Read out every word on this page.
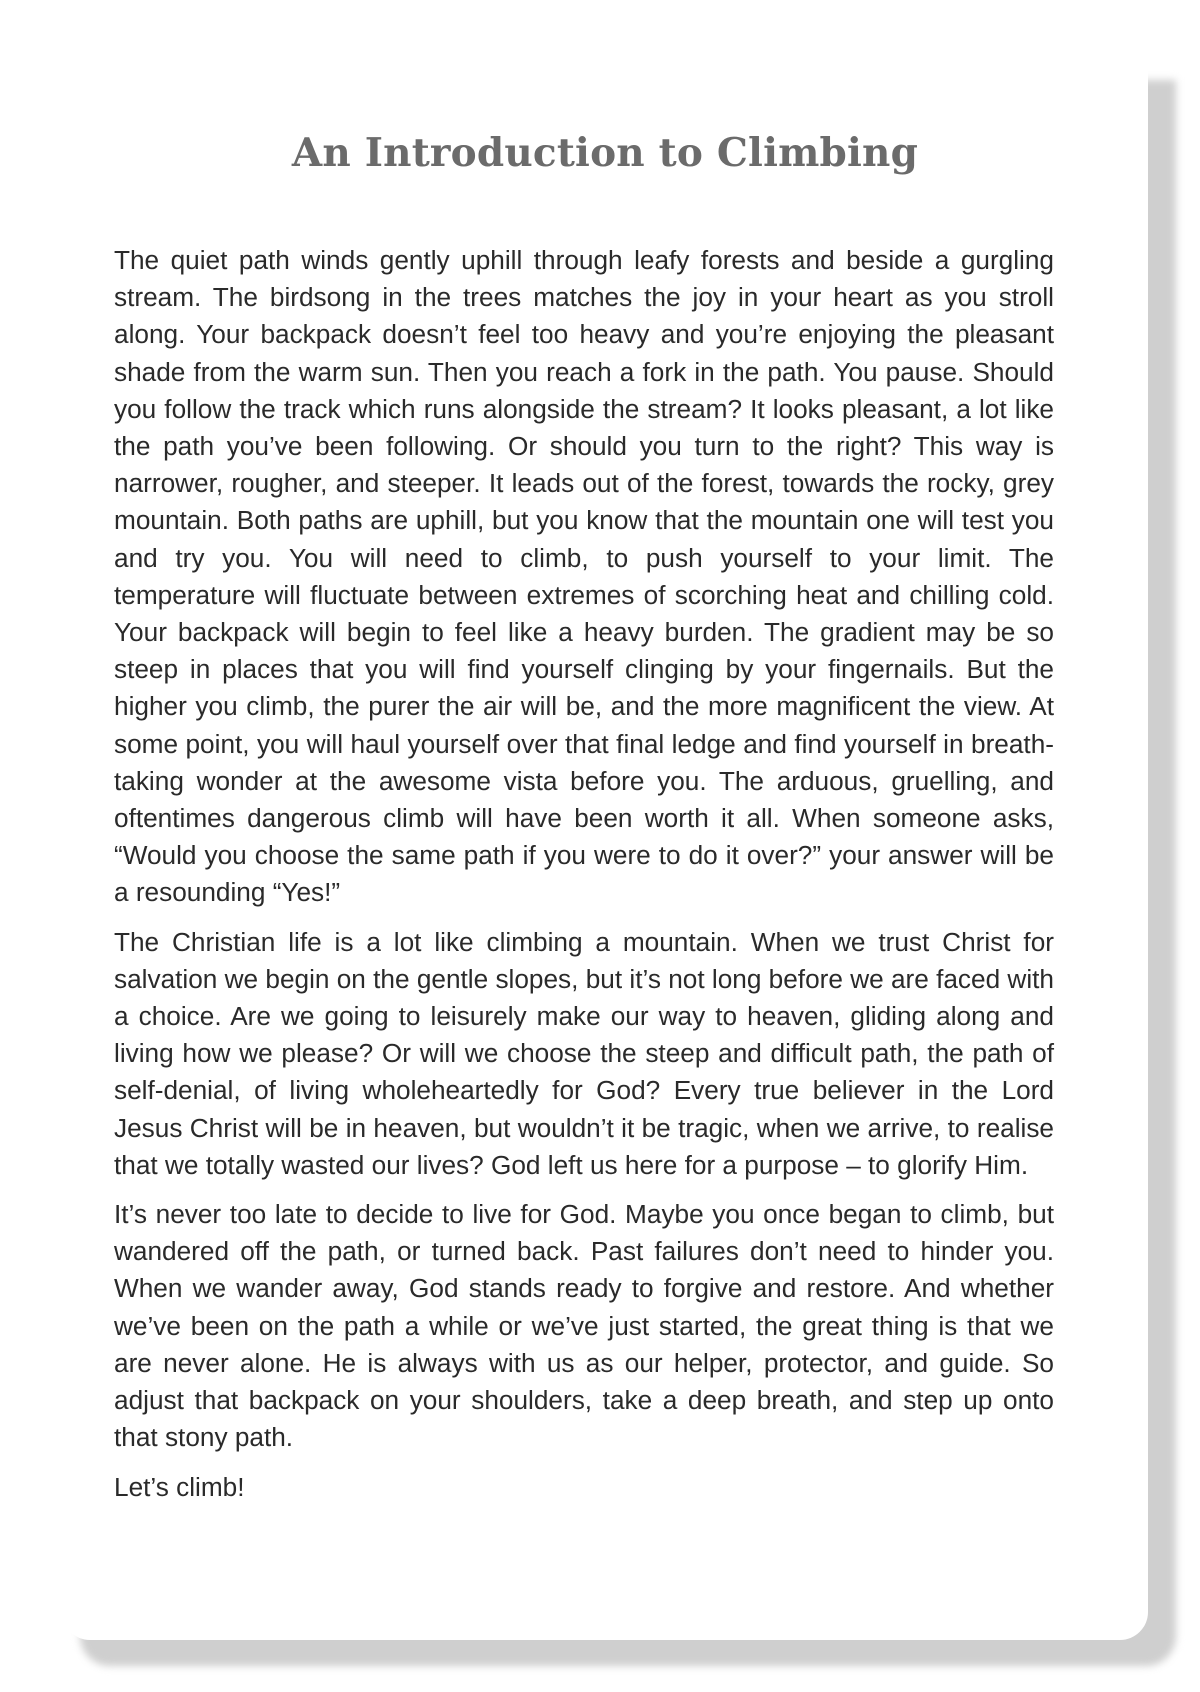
An Introduction to Climbing

The quiet path winds gently uphill through leafy forests and beside a gurgling stream. The birdsong in the trees matches the joy in your heart as you stroll along. Your backpack doesn’t feel too heavy and you’re enjoying the pleasant shade from the warm sun. Then you reach a fork in the path. You pause. Should you follow the track which runs alongside the stream? It looks pleasant, a lot like the path you’ve been following. Or should you turn to the right? This way is narrower, rougher, and steeper. It leads out of the forest, towards the rocky, grey mountain. Both paths are uphill, but you know that the mountain one will test you and try you. You will need to climb, to push yourself to your limit. The temperature will fluctuate between extremes of scorching heat and chilling cold. Your backpack will begin to feel like a heavy burden. The gradient may be so steep in places that you will find yourself clinging by your fingernails. But the higher you climb, the purer the air will be, and the more magnificent the view. At some point, you will haul yourself over that final ledge and find yourself in breath-taking wonder at the awesome vista before you. The arduous, gruelling, and oftentimes dangerous climb will have been worth it all. When someone asks, “Would you choose the same path if you were to do it over?” your answer will be a resounding “Yes!”

The Christian life is a lot like climbing a mountain. When we trust Christ for salvation we begin on the gentle slopes, but it’s not long before we are faced with a choice. Are we going to leisurely make our way to heaven, gliding along and living how we please? Or will we choose the steep and difficult path, the path of self-denial, of living wholeheartedly for God? Every true believer in the Lord Jesus Christ will be in heaven, but wouldn’t it be tragic, when we arrive, to realise that we totally wasted our lives? God left us here for a purpose – to glorify Him.

It’s never too late to decide to live for God. Maybe you once began to climb, but wandered off the path, or turned back. Past failures don’t need to hinder you. When we wander away, God stands ready to forgive and restore. And whether we’ve been on the path a while or we’ve just started, the great thing is that we are never alone. He is always with us as our helper, protector, and guide. So adjust that backpack on your shoulders, take a deep breath, and step up onto that stony path.

Let’s climb!
